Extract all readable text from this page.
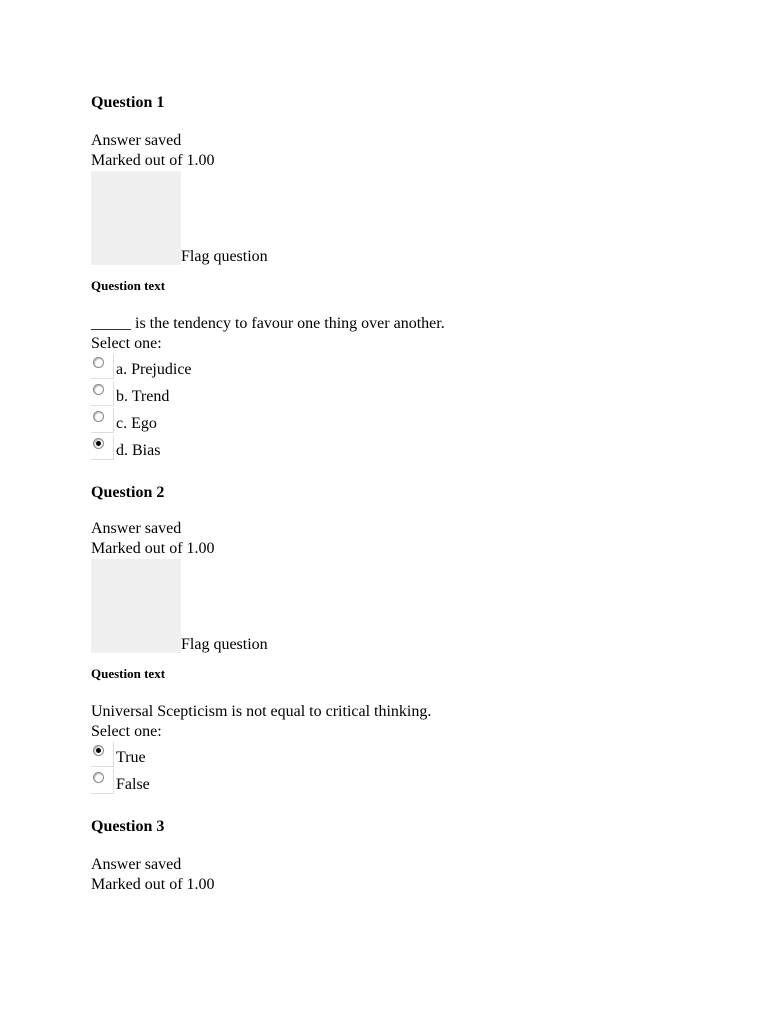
Question 1
Answer saved
Marked out of 1.00
Flag question
Question text
_____ is the tendency to favour one thing over another.
Select one:
a. Prejudice
b. Trend
c. Ego
d. Bias
Question 2
Answer saved
Marked out of 1.00
Flag question
Question text
Universal Scepticism is not equal to critical thinking.
Select one:
True
False
Question 3
Answer saved
Marked out of 1.00
